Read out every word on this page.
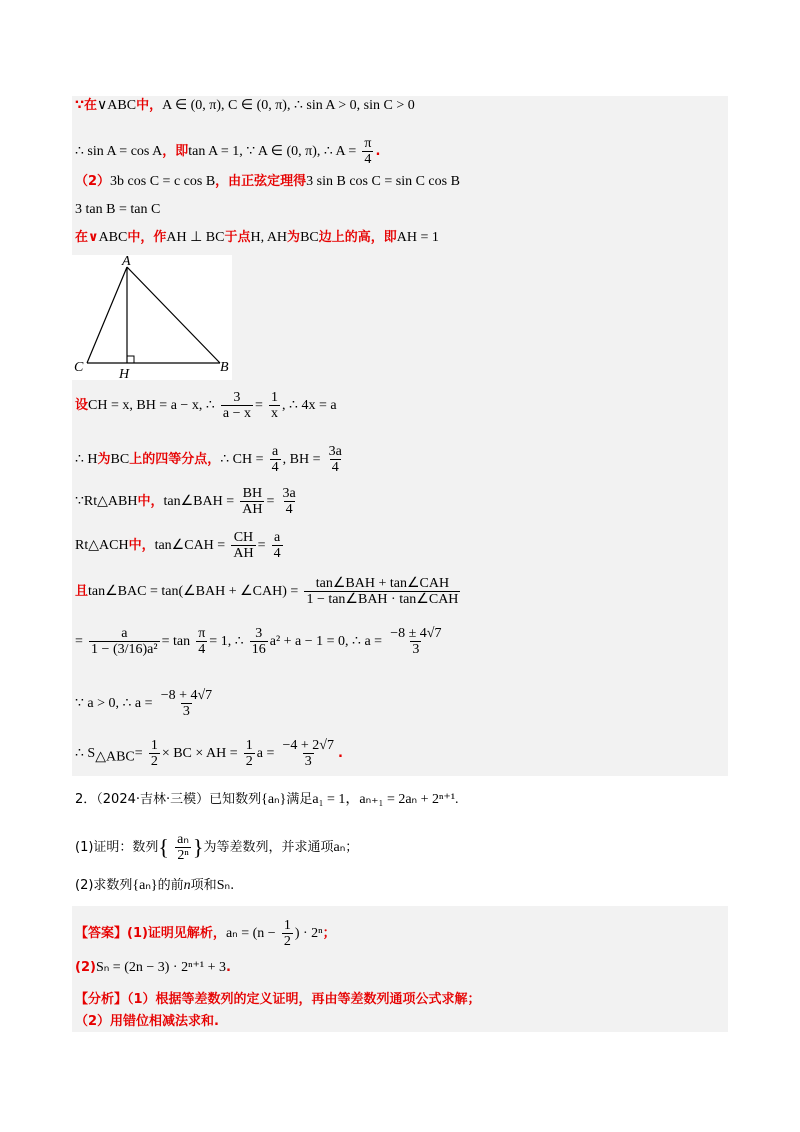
∵在∨ABC中，A ∈ (0, π), C ∈ (0, π), ∴ sin A > 0, sin C > 0
∴ sin A = cos A，即tan A = 1, ∵ A ∈ (0, π), ∴ $A = \frac{\pi}{4}$ .
（2）3b cos C = c cos B，由正弦定理得3 sin B cos C = sin C cos B
3 tan B = tan C
在∨ABC中，作AH ⊥ BC于点H, AH为BC边上的高，即AH = 1
A
C	B
H
设CH = x, BH = a − x, ∴ $\frac{3}{a - x} = \frac{1}{x}$ , ∴ 4x = a
∴ H为BC上的四等分点，∴ CH = $\frac{a}{4}$ , BH = $\frac{3a}{4}$
∵Rt△ABH中，tan∠BAH = $\frac{BH}{AH} = \frac{3a}{4}$
Rt△ACH中，tan∠CAH = $\frac{CH}{AH} = \frac{a}{4}$
且tan∠BAC = tan(∠BAH + ∠CAH) = $\frac{\text{tan∠BAH + tan∠CAH}}{\text{1 − tan∠BAH · tan∠CAH}}$
= $\frac{a}{\text{1 − (3/16)a²}} = \tan \frac{\pi}{4} = 1$, ∴ $\frac{3}{16} a^2 + a - 1 = 0$, ∴ $a = \frac{-8 \pm 4√7}{3}$
∵ a > 0, ∴ $a = \frac{-8 + 4√7}{3}$
∴ $S_{\triangle ABC}= \frac{1}{2}$ × BC × AH = $\frac{1}{2}$ $a = \frac{-4 + 2√7}{3}$ .
2．（2024·吉林·三模）已知数列{aₙ}满足a₁ = 1，aₙ₊₁ = 2aₙ + 2ⁿ⁺¹.
(1)证明：数列{ $\frac{\text{aₙ}}{\text{2ⁿ}}$ }为等差数列，并求通项aₙ；
(2)求数列{aₙ}的前n项和Sₙ.
【答案】(1)证明见解析，$a_n = (n - \frac{1}{2}$ ) · 2ⁿ；
(2)Sₙ = (2n − 3) · 2ⁿ⁺¹ + 3.
【分析】（1）根据等差数列的定义证明，再由等差数列通项公式求解；
（2）用错位相减法求和.
